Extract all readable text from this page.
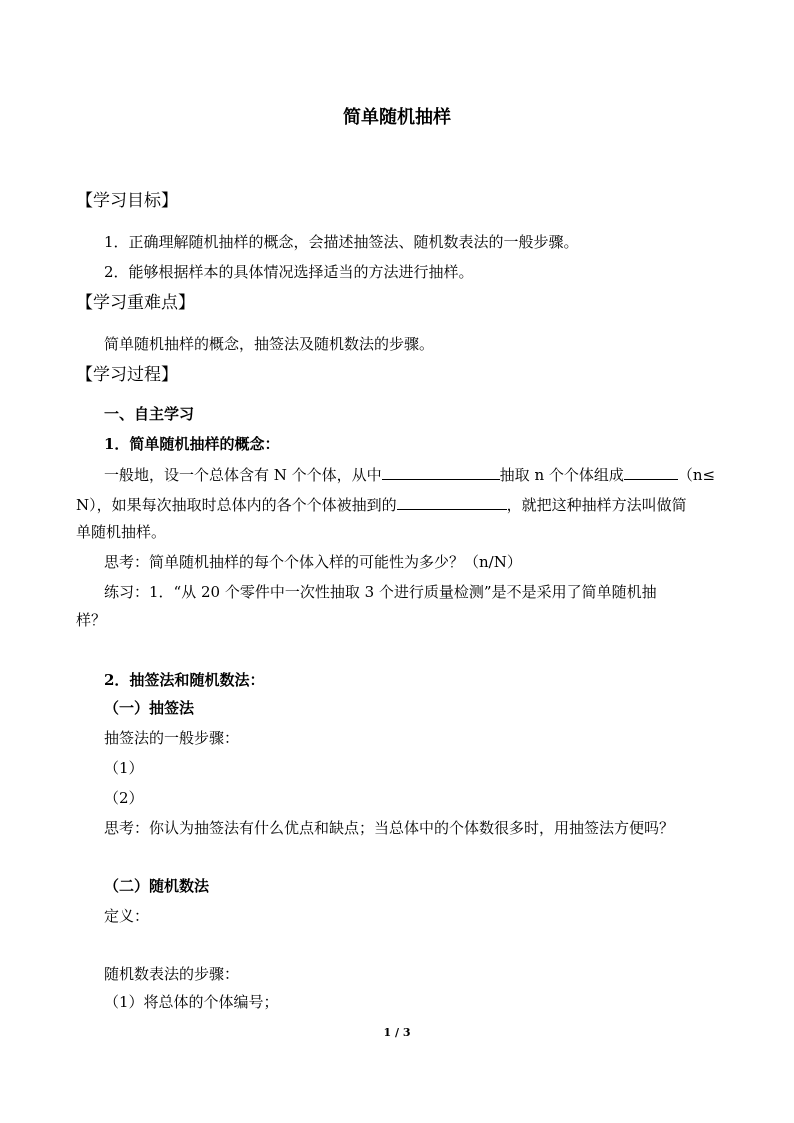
简单随机抽样
【学习目标】
1．正确理解随机抽样的概念，会描述抽签法、随机数表法的一般步骤。
2．能够根据样本的具体情况选择适当的方法进行抽样。
【学习重难点】
简单随机抽样的概念，抽签法及随机数法的步骤。
【学习过程】
一、自主学习
1．简单随机抽样的概念：
一般地，设一个总体含有 N 个个体，从中	抽取 n 个个体组成	（n≤
N），如果每次抽取时总体内的各个个体被抽到的	，就把这种抽样方法叫做简
单随机抽样。
思考：简单随机抽样的每个个体入样的可能性为多少？（n/N）
练习：1．“从 20 个零件中一次性抽取 3 个进行质量检测”是不是采用了简单随机抽
样？
2．抽签法和随机数法：
（一）抽签法
抽签法的一般步骤：
（1）
（2）
思考：你认为抽签法有什么优点和缺点；当总体中的个体数很多时，用抽签法方便吗？
（二）随机数法
定义：
随机数表法的步骤：
（1）将总体的个体编号；
1 / 3
